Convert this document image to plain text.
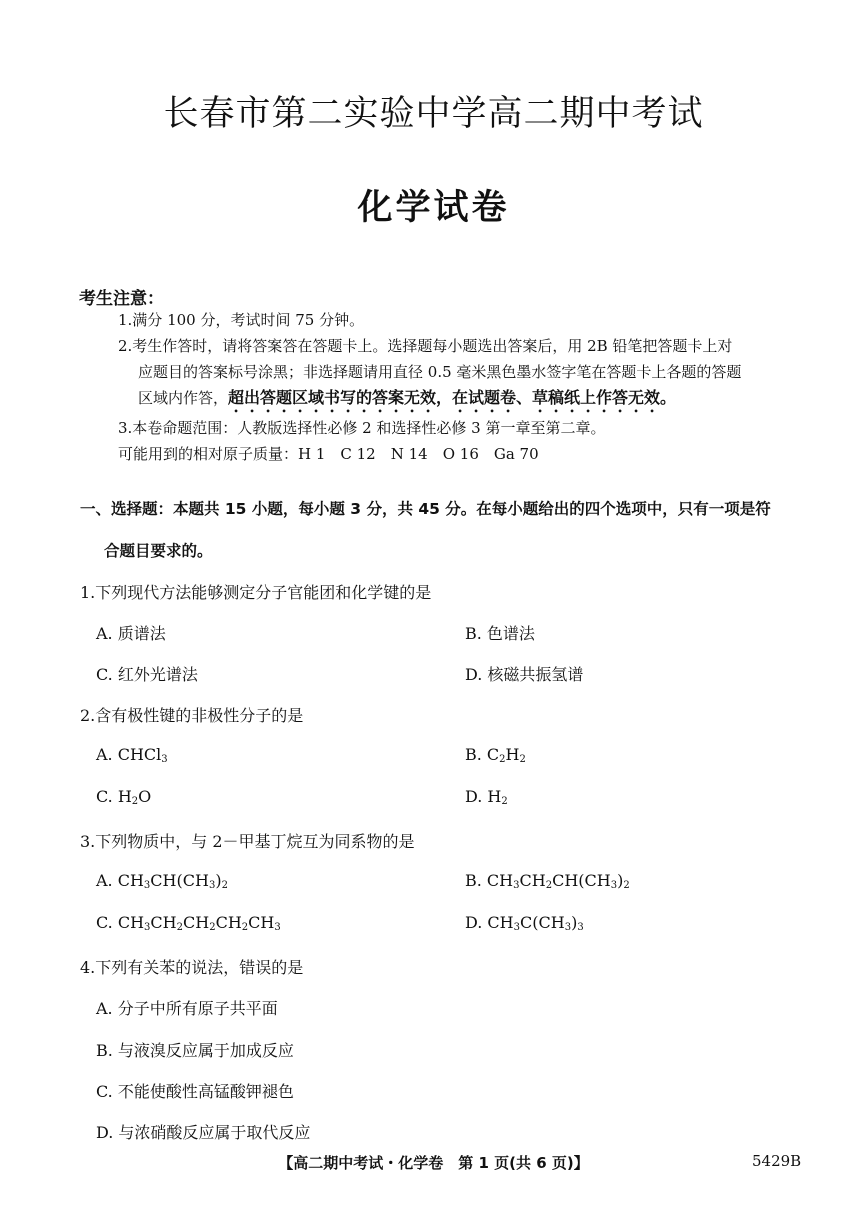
长春市第二实验中学高二期中考试
化学试卷
考生注意：
1.满分 100 分，考试时间 75 分钟。
2.考生作答时，请将答案答在答题卡上。选择题每小题选出答案后，用 2B 铅笔把答题卡上对
应题目的答案标号涂黑；非选择题请用直径 0.5 毫米黑色墨水签字笔在答题卡上各题的答题
区域内作答，超出答题区域书写的答案无效，在试题卷、草稿纸上作答无效。
3.本卷命题范围：人教版选择性必修 2 和选择性必修 3 第一章至第二章。
可能用到的相对原子质量：H 1　C 12　N 14　O 16　Ga 70
一、选择题：本题共 15 小题，每小题 3 分，共 45 分。在每小题给出的四个选项中，只有一项是符
合题目要求的。
1.下列现代方法能够测定分子官能团和化学键的是
A. 质谱法	B. 色谱法
C. 红外光谱法	D. 核磁共振氢谱
2.含有极性键的非极性分子的是
A. CHCl$_3$	B. $C_2H_2$
C. $H_2O$	D. $H_2$
3.下列物质中，与 2－甲基丁烷互为同系物的是
A. $CH_3CH(CH_3)_2$	B. $CH_3CH_2CH(CH_3)_2$
C. $CH_3CH_2CH_2CH_2CH_3$	D. $CH_3C(CH_3)_3$
4.下列有关苯的说法，错误的是
A. 分子中所有原子共平面
B. 与液溴反应属于加成反应
C. 不能使酸性高锰酸钾褪色
D. 与浓硝酸反应属于取代反应
【高二期中考试・化学卷　第 1 页(共 6 页)】	5429B
